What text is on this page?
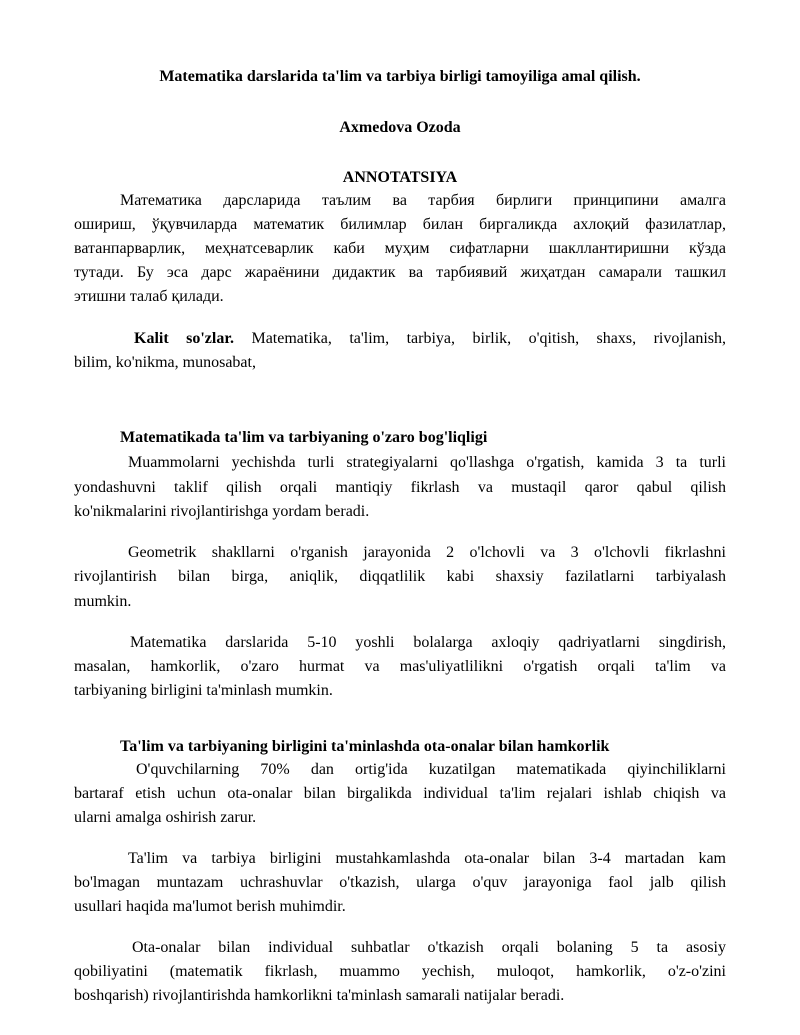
Matematika darslarida ta'lim va tarbiya birligi tamoyiliga amal qilish.
Axmedova Ozoda
ANNOTATSIYA
Математика дарсларида таълим ва тарбия бирлиги принципини амалга
ошириш, ўқувчиларда математик билимлар билан биргаликда ахлоқий фазилатлар,
ватанпарварлик, меҳнатсеварлик каби муҳим сифатларни шакллантиришни кўзда
тутади. Бу эса дарс жараёнини дидактик ва тарбиявий жиҳатдан самарали ташкил
этишни талаб қилади.
Kalit so'zlar. Matematika, ta'lim, tarbiya, birlik, o'qitish, shaxs, rivojlanish,
bilim, ko'nikma, munosabat,
Matematikada ta'lim va tarbiyaning o'zaro bog'liqligi
Muammolarni yechishda turli strategiyalarni qo'llashga o'rgatish, kamida 3 ta turli
yondashuvni taklif qilish orqali mantiqiy fikrlash va mustaqil qaror qabul qilish
ko'nikmalarini rivojlantirishga yordam beradi.
Geometrik shakllarni o'rganish jarayonida 2 o'lchovli va 3 o'lchovli fikrlashni
rivojlantirish bilan birga, aniqlik, diqqatlilik kabi shaxsiy fazilatlarni tarbiyalash
mumkin.
Matematika darslarida 5-10 yoshli bolalarga axloqiy qadriyatlarni singdirish,
masalan, hamkorlik, o'zaro hurmat va mas'uliyatlilikni o'rgatish orqali ta'lim va
tarbiyaning birligini ta'minlash mumkin.
Ta'lim va tarbiyaning birligini ta'minlashda ota-onalar bilan hamkorlik
O'quvchilarning 70% dan ortig'ida kuzatilgan matematikada qiyinchiliklarni
bartaraf etish uchun ota-onalar bilan birgalikda individual ta'lim rejalari ishlab chiqish va
ularni amalga oshirish zarur.
Ta'lim va tarbiya birligini mustahkamlashda ota-onalar bilan 3-4 martadan kam
bo'lmagan muntazam uchrashuvlar o'tkazish, ularga o'quv jarayoniga faol jalb qilish
usullari haqida ma'lumot berish muhimdir.
Ota-onalar bilan individual suhbatlar o'tkazish orqali bolaning 5 ta asosiy
qobiliyatini (matematik fikrlash, muammo yechish, muloqot, hamkorlik, o'z-o'zini
boshqarish) rivojlantirishda hamkorlikni ta'minlash samarali natijalar beradi.
